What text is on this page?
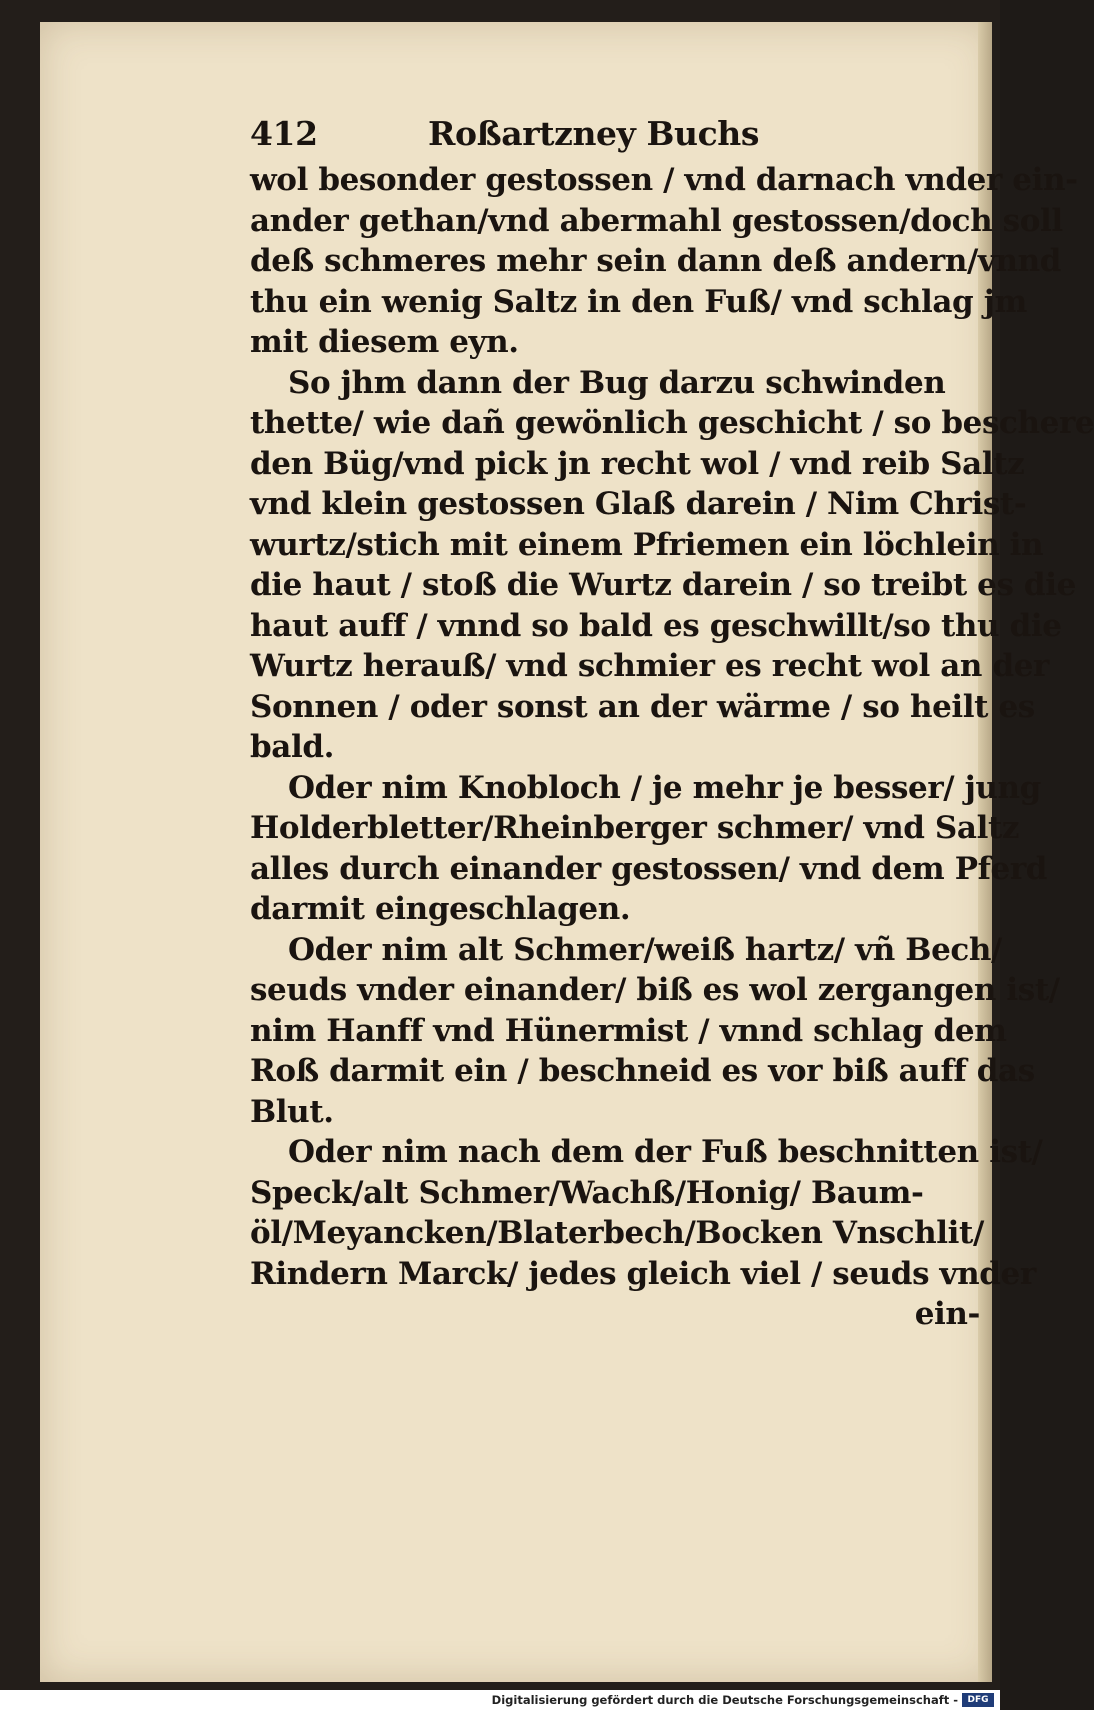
412	Roßartzney Buchs
wol besonder gestossen / vnd darnach vnder ein-
ander gethan/vnd abermahl gestossen/doch soll
deß schmeres mehr sein dann deß andern/vnnd
thu ein wenig Saltz in den Fuß/ vnd schlag jm
mit diesem eyn.
So jhm dann der Bug darzu schwinden
thette/ wie dañ gewönlich geschicht / so beschere
den Büg/vnd pick jn recht wol / vnd reib Saltz
vnd klein gestossen Glaß darein / Nim Christ-
wurtz/stich mit einem Pfriemen ein löchlein in
die haut / stoß die Wurtz darein / so treibt es die
haut auff / vnnd so bald es geschwillt/so thu die
Wurtz herauß/ vnd schmier es recht wol an der
Sonnen / oder sonst an der wärme / so heilt es
bald.
Oder nim Knobloch / je mehr je besser/ jung
Holderbletter/Rheinberger schmer/ vnd Saltz
alles durch einander gestossen/ vnd dem Pferd
darmit eingeschlagen.
Oder nim alt Schmer/weiß hartz/ vñ Bech/
seuds vnder einander/ biß es wol zergangen ist/
nim Hanff vnd Hünermist / vnnd schlag dem
Roß darmit ein / beschneid es vor biß auff das
Blut.
Oder nim nach dem der Fuß beschnitten ist/
Speck/alt Schmer/Wachß/Honig/ Baum-
öl/Meyancken/Blaterbech/Bocken Vnschlit/
Rindern Marck/ jedes gleich viel / seuds vnder
ein-
Digitalisierung gefördert durch die Deutsche Forschungsgemeinschaft -	DFG
